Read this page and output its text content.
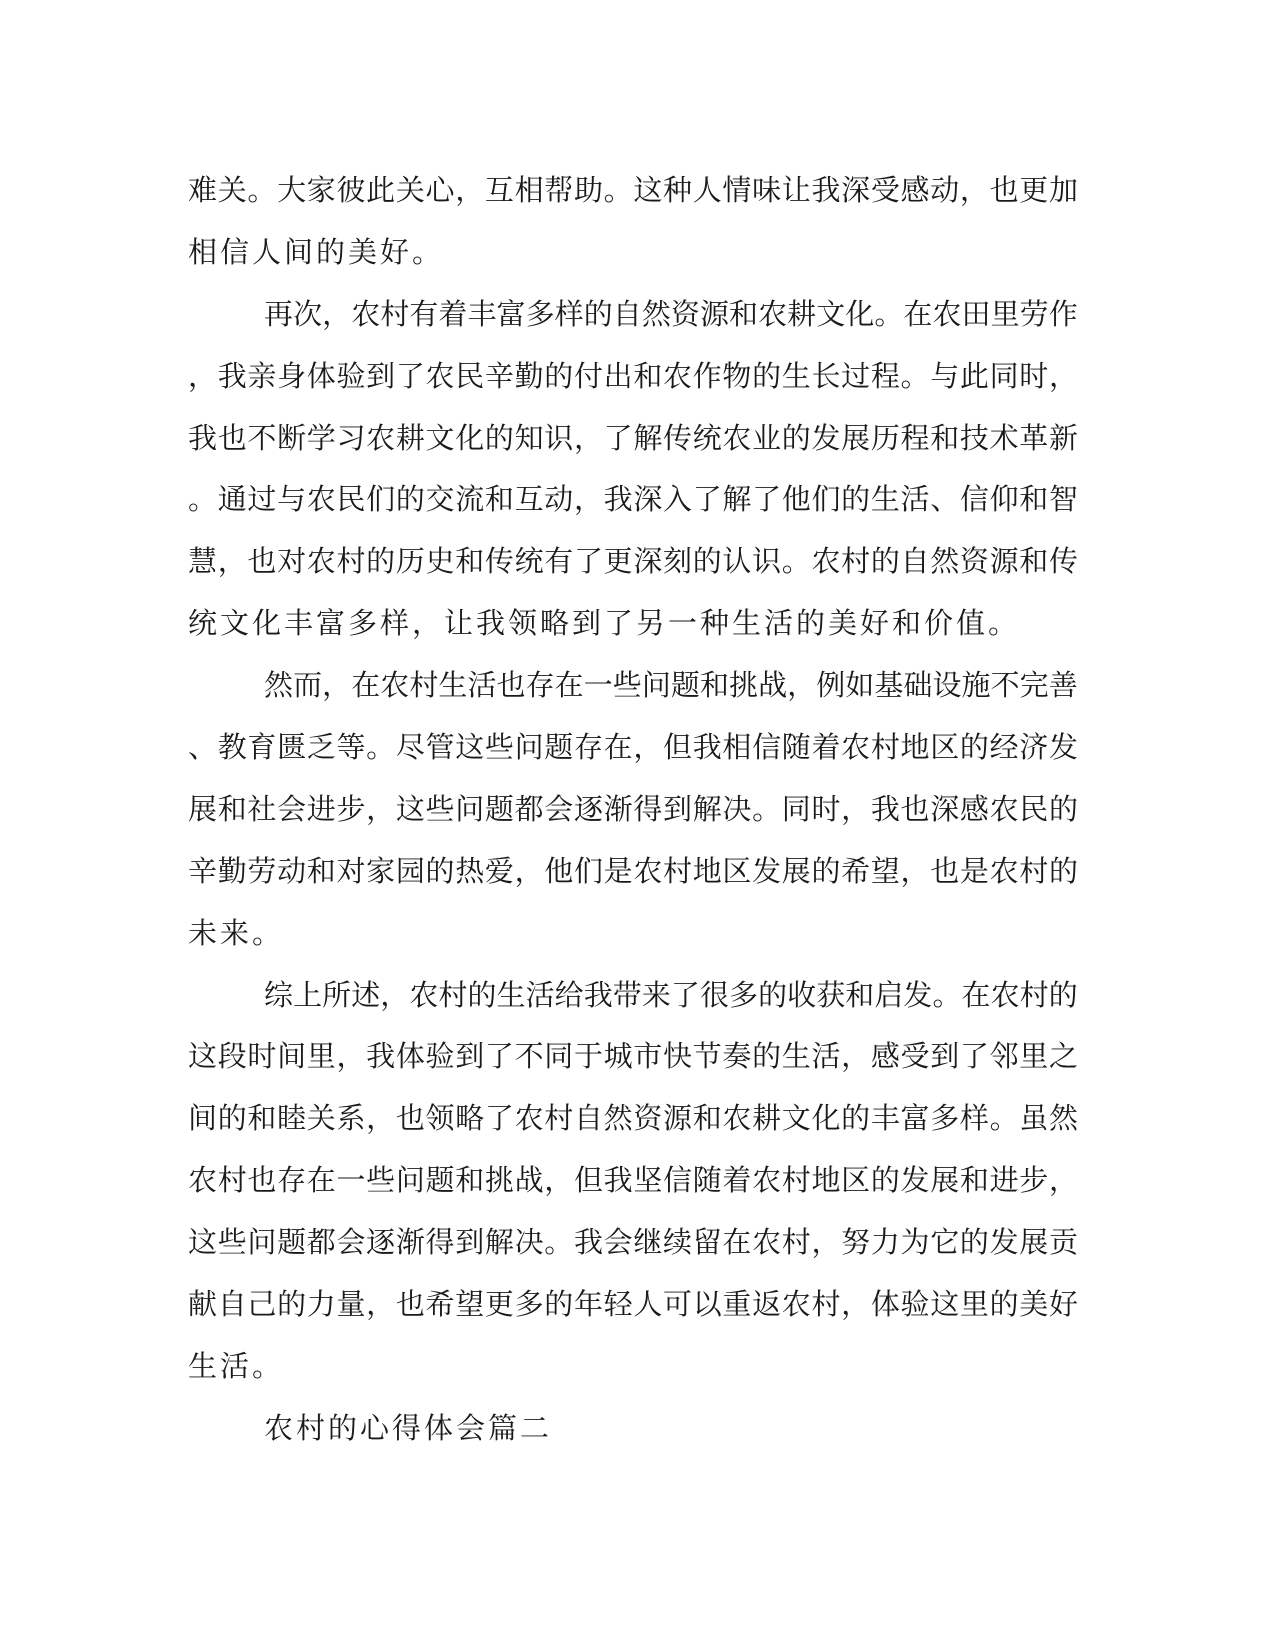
难 关 。 大 家 彼 此 关 心 ， 互 相 帮 助 。 这 种 人 情 味 让 我 深 受 感 动 ， 也 更 加
相信人间的美好。
再 次 ， 农 村 有 着 丰 富 多 样 的 自 然 资 源 和 农 耕 文 化 。 在 农 田 里 劳 作
， 我 亲 身 体 验 到 了 农 民 辛 勤 的 付 出 和 农 作 物 的 生 长 过 程 。 与 此 同 时 ，
我 也 不 断 学 习 农 耕 文 化 的 知 识 ， 了 解 传 统 农 业 的 发 展 历 程 和 技 术 革 新
。 通 过 与 农 民 们 的 交 流 和 互 动 ， 我 深 入 了 解 了 他 们 的 生 活 、 信 仰 和 智
慧 ， 也 对 农 村 的 历 史 和 传 统 有 了 更 深 刻 的 认 识 。 农 村 的 自 然 资 源 和 传
统文化丰富多样，让我领略到了另一种生活的美好和价值。
然 而 ， 在 农 村 生 活 也 存 在 一 些 问 题 和 挑 战 ， 例 如 基 础 设 施 不 完 善
、 教 育 匮 乏 等 。 尽 管 这 些 问 题 存 在 ， 但 我 相 信 随 着 农 村 地 区 的 经 济 发
展 和 社 会 进 步 ， 这 些 问 题 都 会 逐 渐 得 到 解 决 。 同 时 ， 我 也 深 感 农 民 的
辛 勤 劳 动 和 对 家 园 的 热 爱 ， 他 们 是 农 村 地 区 发 展 的 希 望 ， 也 是 农 村 的
未来。
综 上 所 述 ， 农 村 的 生 活 给 我 带 来 了 很 多 的 收 获 和 启 发 。 在 农 村 的
这 段 时 间 里 ， 我 体 验 到 了 不 同 于 城 市 快 节 奏 的 生 活 ， 感 受 到 了 邻 里 之
间 的 和 睦 关 系 ， 也 领 略 了 农 村 自 然 资 源 和 农 耕 文 化 的 丰 富 多 样 。 虽 然
农 村 也 存 在 一 些 问 题 和 挑 战 ， 但 我 坚 信 随 着 农 村 地 区 的 发 展 和 进 步 ，
这 些 问 题 都 会 逐 渐 得 到 解 决 。 我 会 继 续 留 在 农 村 ， 努 力 为 它 的 发 展 贡
献 自 己 的 力 量 ， 也 希 望 更 多 的 年 轻 人 可 以 重 返 农 村 ， 体 验 这 里 的 美 好
生活。
农村的心得体会篇二
